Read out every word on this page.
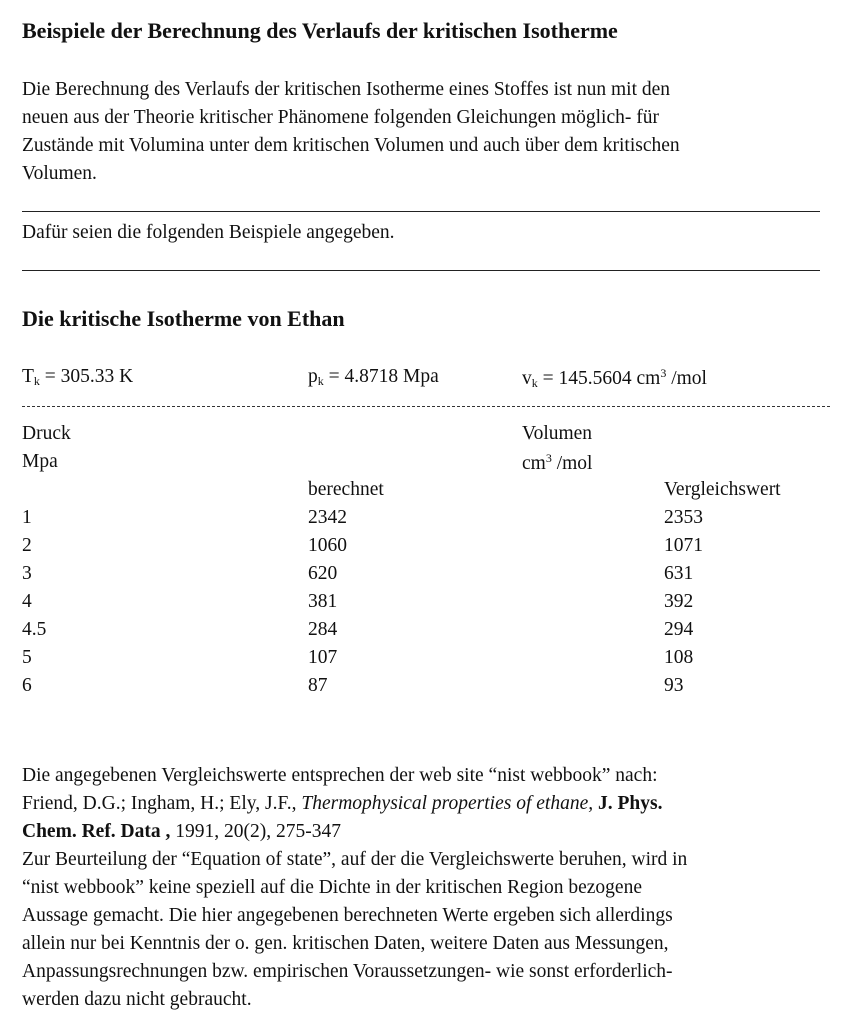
Beispiele der Berechnung des Verlaufs der kritischen Isotherme
Die Berechnung des Verlaufs der kritischen Isotherme eines Stoffes ist nun mit den
neuen aus der Theorie kritischer Phänomene folgenden Gleichungen möglich- für
Zustände mit Volumina unter dem kritischen Volumen und auch über dem kritischen
Volumen.
Dafür seien die folgenden Beispiele angegeben.
Die kritische Isotherme von Ethan
$T_k = 305.33$ K	$p_k = 4.8718$ Mpa	$v_k = 145.5604$ $cm^3$ /mol
Druck
Mpa
Volumen
$cm^3$ /mol
berechnet	Vergleichswert
1	2342	2353
2	1060	1071
3	620	631
4	381	392
4.5	284	294
5	107	108
6	87	93
Die angegebenen Vergleichswerte entsprechen der web site “nist webbook” nach:
Friend, D.G.; Ingham, H.; Ely, J.F., Thermophysical properties of ethane, J. Phys.
Chem. Ref. Data , 1991, 20(2), 275-347
Zur Beurteilung der “Equation of state”, auf der die Vergleichswerte beruhen, wird in
“nist webbook” keine speziell auf die Dichte in der kritischen Region bezogene
Aussage gemacht. Die hier angegebenen berechneten Werte ergeben sich allerdings
allein nur bei Kenntnis der o. gen. kritischen Daten, weitere Daten aus Messungen,
Anpassungsrechnungen bzw. empirischen Voraussetzungen- wie sonst erforderlich-
werden dazu nicht gebraucht.
